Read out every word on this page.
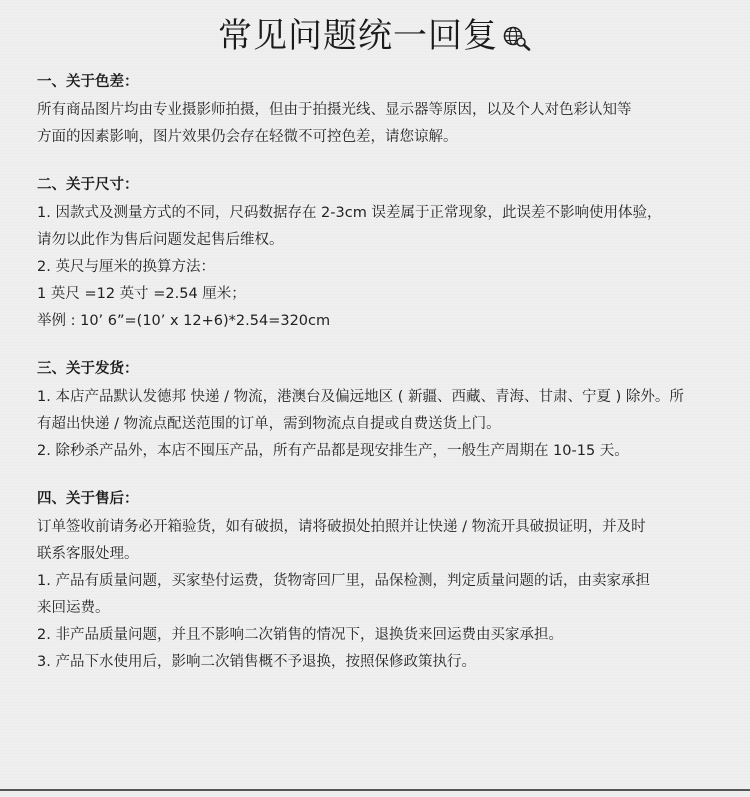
常见问题统一回复

一、关于色差：

所有商品图片均由专业摄影师拍摄，但由于拍摄光线、显示器等原因，以及个人对色彩认知等

方面的因素影响，图片效果仍会存在轻微不可控色差，请您谅解。

二、关于尺寸：

1. 因款式及测量方式的不同，尺码数据存在 2-3cm 误差属于正常现象，此误差不影响使用体验，

请勿以此作为售后问题发起售后维权。

2. 英尺与厘米的换算方法：

1 英尺 =12 英寸 =2.54 厘米；

举例 : 10’ 6”=(10’ x 12+6)*2.54=320cm

三、关于发货：

1. 本店产品默认发德邦 快递 / 物流，港澳台及偏远地区 ( 新疆、西藏、青海、甘肃、宁夏 ) 除外。所

有超出快递 / 物流点配送范围的订单，需到物流点自提或自费送货上门。

2. 除秒杀产品外，本店不囤压产品，所有产品都是现安排生产，一般生产周期在 10-15 天。

四、关于售后：

订单签收前请务必开箱验货，如有破损，请将破损处拍照并让快递 / 物流开具破损证明，并及时

联系客服处理。

1. 产品有质量问题，买家垫付运费，货物寄回厂里，品保检测，判定质量问题的话，由卖家承担

来回运费。

2. 非产品质量问题，并且不影响二次销售的情况下，退换货来回运费由买家承担。

3. 产品下水使用后，影响二次销售概不予退换，按照保修政策执行。
